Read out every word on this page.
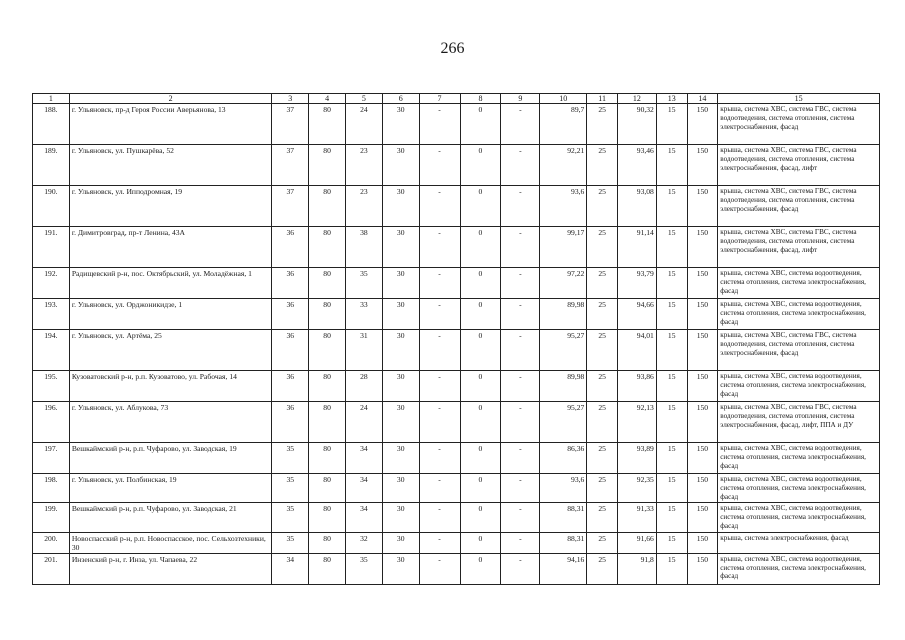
266
1	2	3	4	5	6	7	8	9	10	11	12	13	14	15
188.	г. Ульяновск, пр-д Героя России Аверьянова, 13	37	80	24	30	-	0	-	89,7	25	90,32	15	150	крыша, система ХВС, система ГВС, система водоотведения, система отопления, система электроснабжения, фасад
189.	г. Ульяновск, ул. Пушкарёва, 52	37	80	23	30	-	0	-	92,21	25	93,46	15	150	крыша, система ХВС, система ГВС, система водоотведения, система отопления, система электроснабжения, фасад, лифт
190.	г. Ульяновск, ул. Ипподромная, 19	37	80	23	30	-	0	-	93,6	25	93,08	15	150	крыша, система ХВС, система ГВС, система водоотведения, система отопления, система электроснабжения, фасад
191.	г. Димитровград, пр-т Ленина, 43А	36	80	38	30	-	0	-	99,17	25	91,14	15	150	крыша, система ХВС, система ГВС, система водоотведения, система отопления, система электроснабжения, фасад, лифт
192.	Радищевский р-н, пос. Октябрьский, ул. Моладёжная, 1	36	80	35	30	-	0	-	97,22	25	93,79	15	150	крыша, система ХВС, система водоотведения, система отопления, система электроснабжения, фасад
193.	г. Ульяновск, ул. Орджоникидзе, 1	36	80	33	30	-	0	-	89,98	25	94,66	15	150	крыша, система ХВС, система водоотведения, система отопления, система электроснабжения, фасад
194.	г. Ульяновск, ул. Артёма, 25	36	80	31	30	-	0	-	95,27	25	94,01	15	150	крыша, система ХВС, система ГВС, система водоотведения, система отопления, система электроснабжения, фасад
195.	Кузоватовский р-н, р.п. Кузоватово, ул. Рабочая, 14	36	80	28	30	-	0	-	89,98	25	93,86	15	150	крыша, система ХВС, система водоотведения, система отопления, система электроснабжения, фасад
196.	г. Ульяновск, ул. Аблукова, 73	36	80	24	30	-	0	-	95,27	25	92,13	15	150	крыша, система ХВС, система ГВС, система водоотведения, система отопления, система электроснабжения, фасад, лифт, ППА и ДУ
197.	Вешкаймский р-н, р.п. Чуфарово, ул. Заводская, 19	35	80	34	30	-	0	-	86,36	25	93,89	15	150	крыша, система ХВС, система водоотведения, система отопления, система электроснабжения, фасад
198.	г. Ульяновск, ул. Полбинская, 19	35	80	34	30	-	0	-	93,6	25	92,35	15	150	крыша, система ХВС, система водоотведения, система отопления, система электроснабжения, фасад
199.	Вешкаймский р-н, р.п. Чуфарово, ул. Заводская, 21	35	80	34	30	-	0	-	88,31	25	91,33	15	150	крыша, система ХВС, система водоотведения, система отопления, система электроснабжения, фасад
200.	Новоспасский р-н, р.п. Новоспасское, пос. Сельхозтехники, 30	35	80	32	30	-	0	-	88,31	25	91,66	15	150	крыша, система электроснабжения, фасад
201.	Инзенский р-н, г. Инза, ул. Чапаева, 22	34	80	35	30	-	0	-	94,16	25	91,8	15	150	крыша, система ХВС, система водоотведения, система отопления, система электроснабжения, фасад
